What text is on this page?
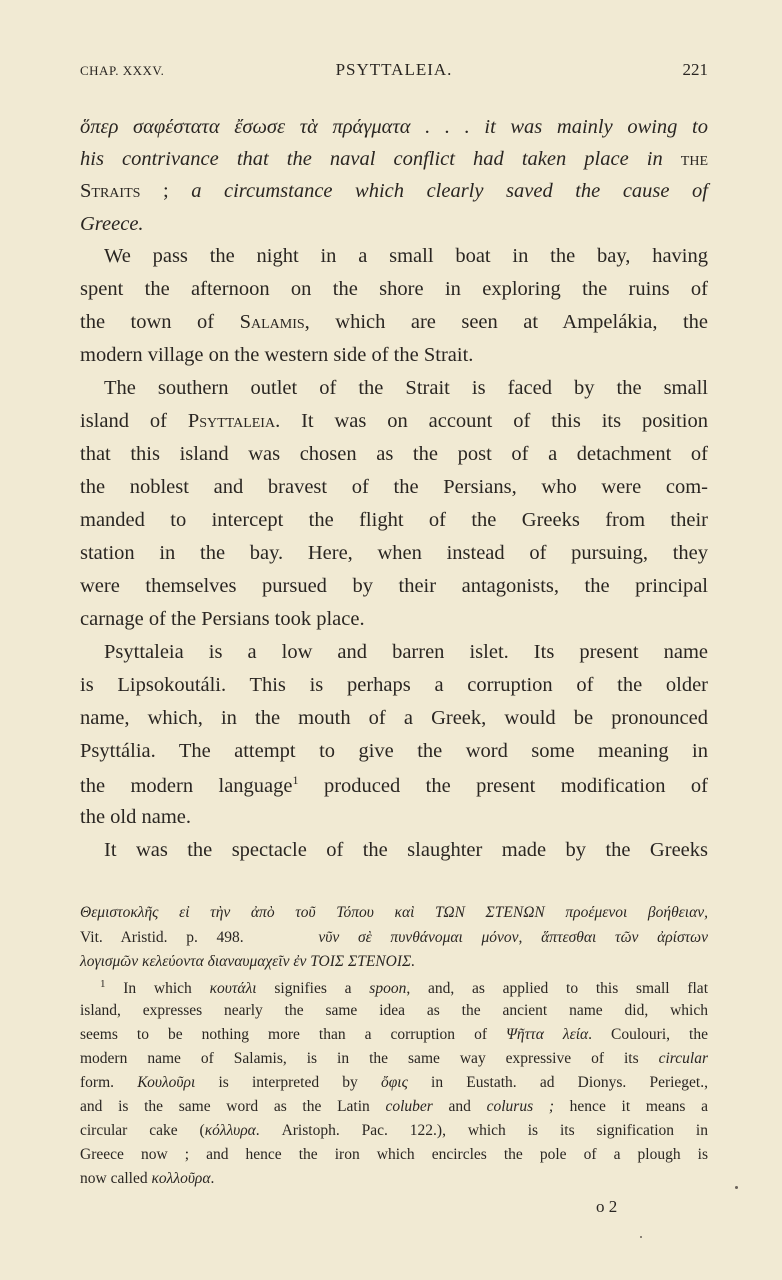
CHAP. XXXV.	PSYTTALEIA.	221
ὅπερ σαφέστατα ἔσωσε τὰ πράγματα . . . it was mainly owing to
his contrivance that the naval conflict had taken place in the
Straits ; a circumstance which clearly saved the cause of
Greece.
We pass the night in a small boat in the bay, having
spent the afternoon on the shore in exploring the ruins of
the town of Salamis, which are seen at Ampelákia, the
modern village on the western side of the Strait.
The southern outlet of the Strait is faced by the small
island of Psyttaleia. It was on account of this its position
that this island was chosen as the post of a detachment of
the noblest and bravest of the Persians, who were com-
manded to intercept the flight of the Greeks from their
station in the bay. Here, when instead of pursuing, they
were themselves pursued by their antagonists, the principal
carnage of the Persians took place.
Psyttaleia is a low and barren islet. Its present name
is Lipsokoutáli. This is perhaps a corruption of the older
name, which, in the mouth of a Greek, would be pronounced
Psyttália. The attempt to give the word some meaning in
the modern language$^1$ produced the present modification of
the old name.
It was the spectacle of the slaughter made by the Greeks
Θεμιστοκλῆς εἰ τὴν ἀπὸ τοῦ Τόπου καὶ ΤΩΝ ΣΤΕΝΩΝ προέμενοι βοήθειαν,
Vit. Aristid. p. 498.	νῦν σὲ πυνθάνομαι μόνον, ἅπτεσθαι τῶν ἀρίστων
λογισμῶν κελεύοντα διαναυμαχεῖν ἐν ΤΟΙΣ ΣΤΕΝΟΙΣ.
$^1$ In which κουτάλι signifies a spoon, and, as applied to this small flat
island, expresses nearly the same idea as the ancient name did, which
seems to be nothing more than a corruption of Ψῆττα λεία. Coulouri, the
modern name of Salamis, is in the same way expressive of its circular
form. Κουλοῦρι is interpreted by ὄφις in Eustath. ad Dionys. Perieget.,
and is the same word as the Latin coluber and colurus ; hence it means a
circular cake (κόλλυρα. Aristoph. Pac. 122.), which is its signification in
Greece now ; and hence the iron which encircles the pole of a plough is
now called κολλοῦρα.
o 2
